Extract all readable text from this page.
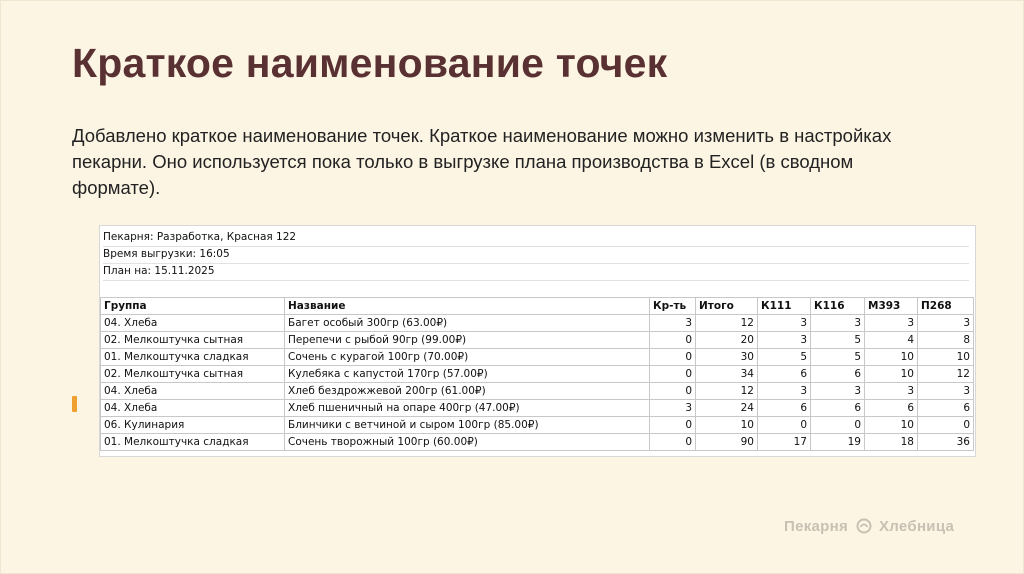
Краткое наименование точек
Добавлено краткое наименование точек. Краткое наименование можно изменить в настройках пекарни. Оно используется пока только в выгрузке плана производства в Excel (в сводном формате).
Пекарня: Разработка, Красная 122
Время выгрузки: 16:05
План на: 15.11.2025
Группа	Название	Кр-ть	Итого	К111	К116	М393	П268
04. Хлеба	Багет особый 300гр (63.00₽)	3	12	3	3	3	3
02. Мелкоштучка сытная	Перепечи с рыбой 90гр (99.00₽)	0	20	3	5	4	8
01. Мелкоштучка сладкая	Сочень с курагой 100гр (70.00₽)	0	30	5	5	10	10
02. Мелкоштучка сытная	Кулебяка с капустой 170гр (57.00₽)	0	34	6	6	10	12
04. Хлеба	Хлеб бездрожжевой 200гр (61.00₽)	0	12	3	3	3	3
04. Хлеба	Хлеб пшеничный на опаре 400гр (47.00₽)	3	24	6	6	6	6
06. Кулинария	Блинчики с ветчиной и сыром 100гр (85.00₽)	0	10	0	0	10	0
01. Мелкоштучка сладкая	Сочень творожный 100гр (60.00₽)	0	90	17	19	18	36
Пекарня Хлебница
